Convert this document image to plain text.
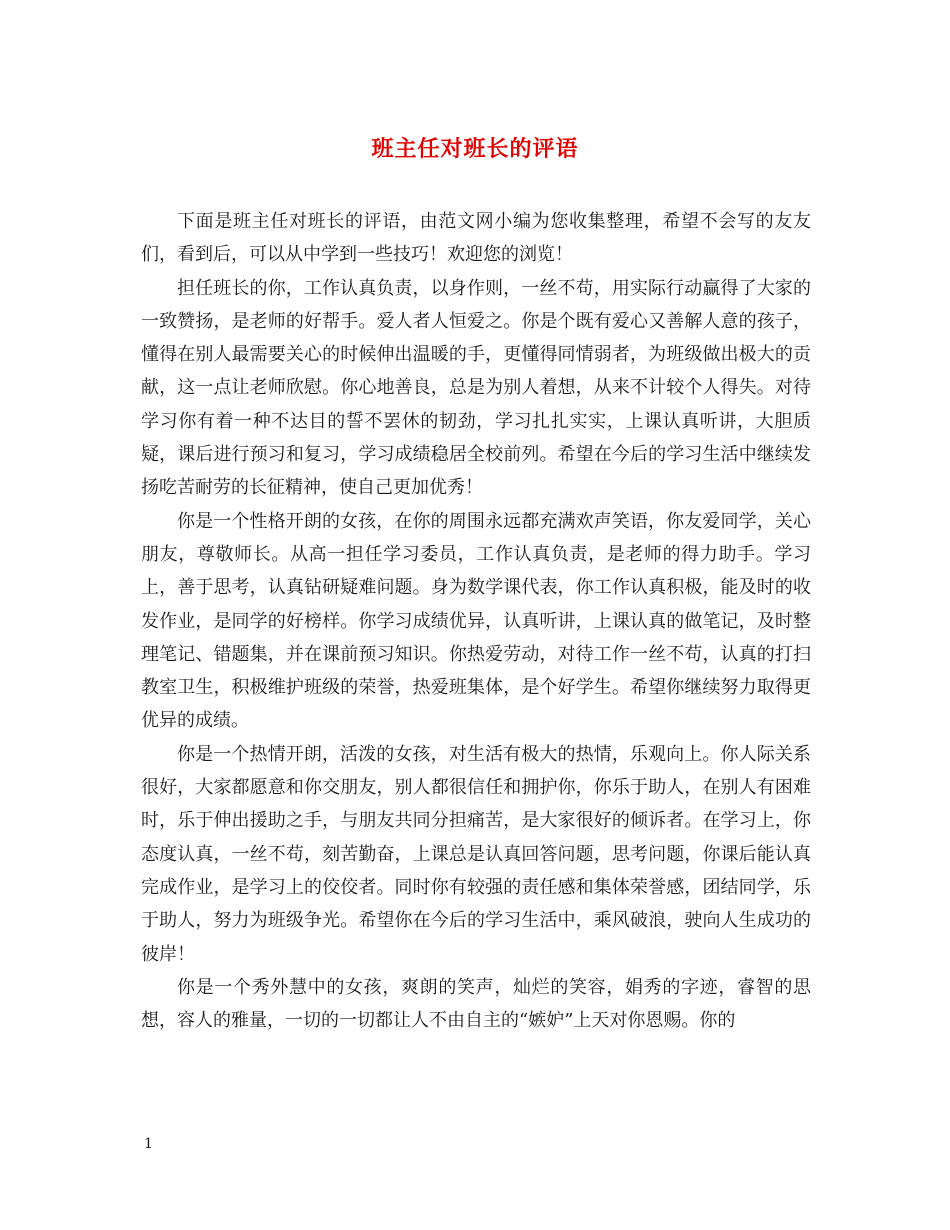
班主任对班长的评语

下面是班主任对班长的评语，由范文网小编为您收集整理，希望不会写的友友们，看到后，可以从中学到一些技巧！欢迎您的浏览！

担任班长的你，工作认真负责，以身作则，一丝不苟，用实际行动赢得了大家的一致赞扬，是老师的好帮手。爱人者人恒爱之。你是个既有爱心又善解人意的孩子，懂得在别人最需要关心的时候伸出温暖的手，更懂得同情弱者，为班级做出极大的贡献，这一点让老师欣慰。你心地善良，总是为别人着想，从来不计较个人得失。对待学习你有着一种不达目的誓不罢休的韧劲，学习扎扎实实，上课认真听讲，大胆质疑，课后进行预习和复习，学习成绩稳居全校前列。希望在今后的学习生活中继续发扬吃苦耐劳的长征精神，使自己更加优秀！

你是一个性格开朗的女孩，在你的周围永远都充满欢声笑语，你友爱同学，关心朋友，尊敬师长。从高一担任学习委员，工作认真负责，是老师的得力助手。学习上，善于思考，认真钻研疑难问题。身为数学课代表，你工作认真积极，能及时的收发作业，是同学的好榜样。你学习成绩优异，认真听讲，上课认真的做笔记，及时整理笔记、错题集，并在课前预习知识。你热爱劳动，对待工作一丝不苟，认真的打扫教室卫生，积极维护班级的荣誉，热爱班集体，是个好学生。希望你继续努力取得更优异的成绩。

你是一个热情开朗，活泼的女孩，对生活有极大的热情，乐观向上。你人际关系很好，大家都愿意和你交朋友，别人都很信任和拥护你，你乐于助人，在别人有困难时，乐于伸出援助之手，与朋友共同分担痛苦，是大家很好的倾诉者。在学习上，你态度认真，一丝不苟，刻苦勤奋，上课总是认真回答问题，思考问题，你课后能认真完成作业，是学习上的佼佼者。同时你有较强的责任感和集体荣誉感，团结同学，乐于助人，努力为班级争光。希望你在今后的学习生活中，乘风破浪，驶向人生成功的彼岸！

你是一个秀外慧中的女孩，爽朗的笑声，灿烂的笑容，娟秀的字迹，睿智的思想，容人的雅量，一切的一切都让人不由自主的“嫉妒”上天对你恩赐。你的

1
